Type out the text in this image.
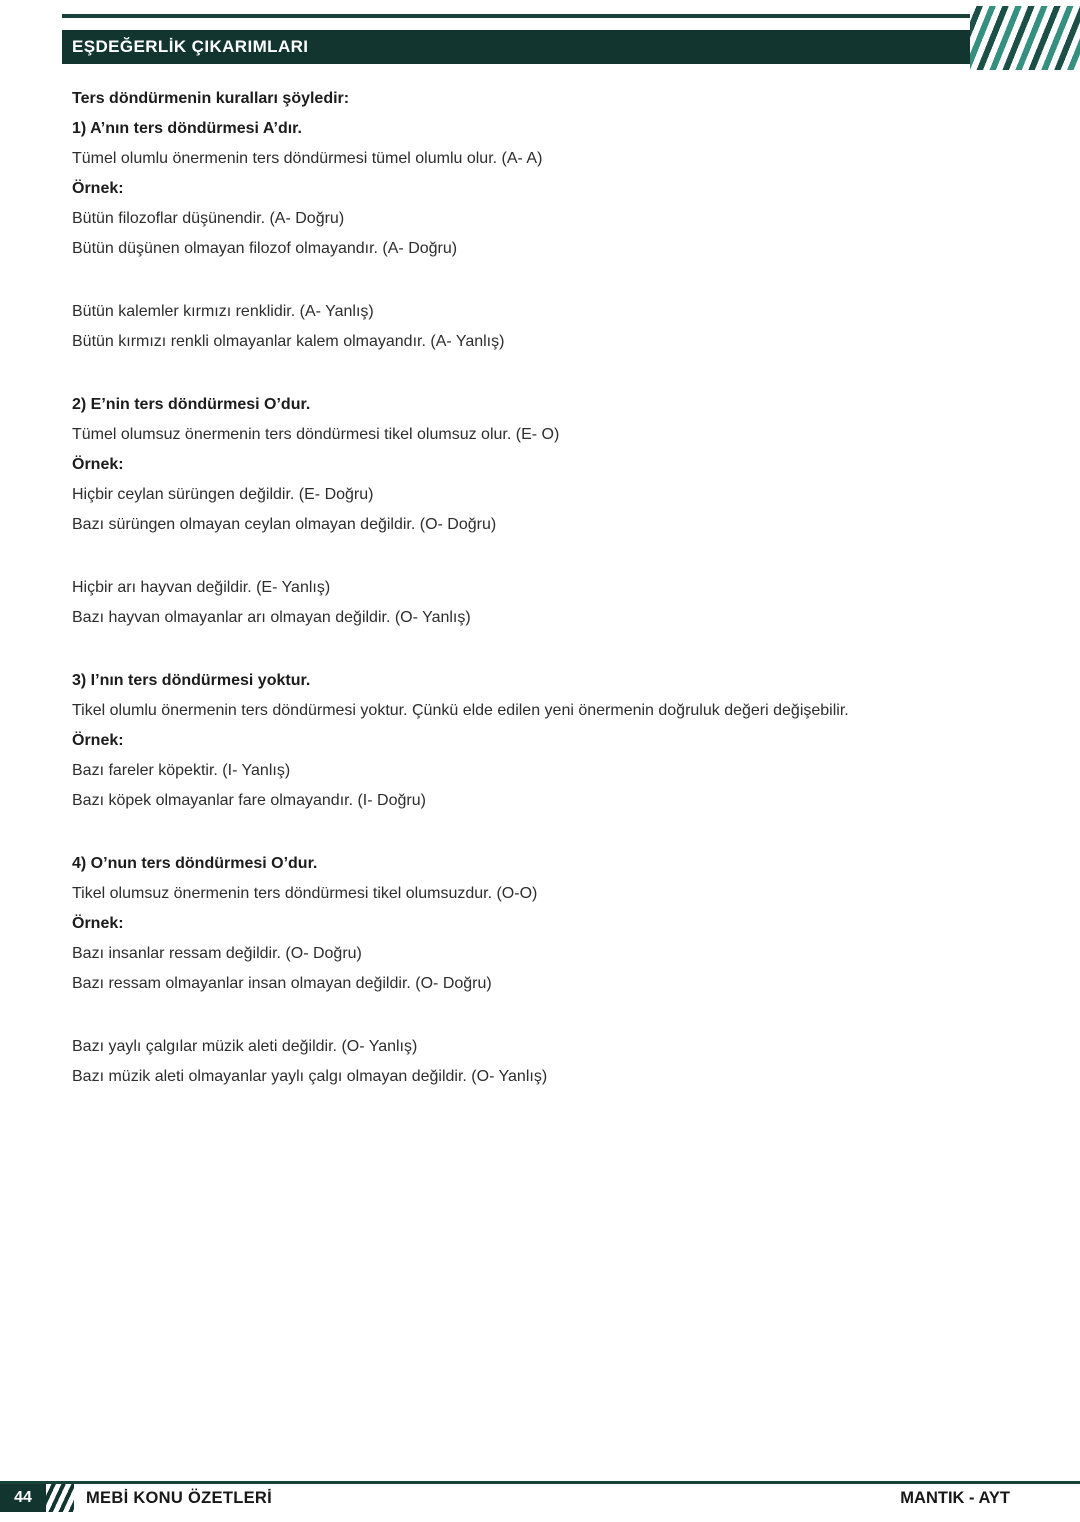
EŞDEĞERLİK ÇIKARIMLARI

Ters döndürmenin kuralları şöyledir:

1) A’nın ters döndürmesi A’dır.

Tümel olumlu önermenin ters döndürmesi tümel olumlu olur. (A- A)

Örnek:

Bütün filozoflar düşünendir. (A- Doğru)

Bütün düşünen olmayan filozof olmayandır. (A- Doğru)

Bütün kalemler kırmızı renklidir. (A- Yanlış)

Bütün kırmızı renkli olmayanlar kalem olmayandır. (A- Yanlış)

2) E’nin ters döndürmesi O’dur.

Tümel olumsuz önermenin ters döndürmesi tikel olumsuz olur. (E- O)

Örnek:

Hiçbir ceylan sürüngen değildir. (E- Doğru)

Bazı sürüngen olmayan ceylan olmayan değildir. (O- Doğru)

Hiçbir arı hayvan değildir. (E- Yanlış)

Bazı hayvan olmayanlar arı olmayan değildir. (O- Yanlış)

3) I’nın ters döndürmesi yoktur.

Tikel olumlu önermenin ters döndürmesi yoktur. Çünkü elde edilen yeni önermenin doğruluk değeri değişebilir.

Örnek:

Bazı fareler köpektir. (I- Yanlış)

Bazı köpek olmayanlar fare olmayandır. (I- Doğru)

4) O’nun ters döndürmesi O’dur.

Tikel olumsuz önermenin ters döndürmesi tikel olumsuzdur. (O-O)

Örnek:

Bazı insanlar ressam değildir. (O- Doğru)

Bazı ressam olmayanlar insan olmayan değildir. (O- Doğru)

Bazı yaylı çalgılar müzik aleti değildir. (O- Yanlış)

Bazı müzik aleti olmayanlar yaylı çalgı olmayan değildir. (O- Yanlış)

44	MEBİ KONU ÖZETLERİ	MANTIK - AYT
